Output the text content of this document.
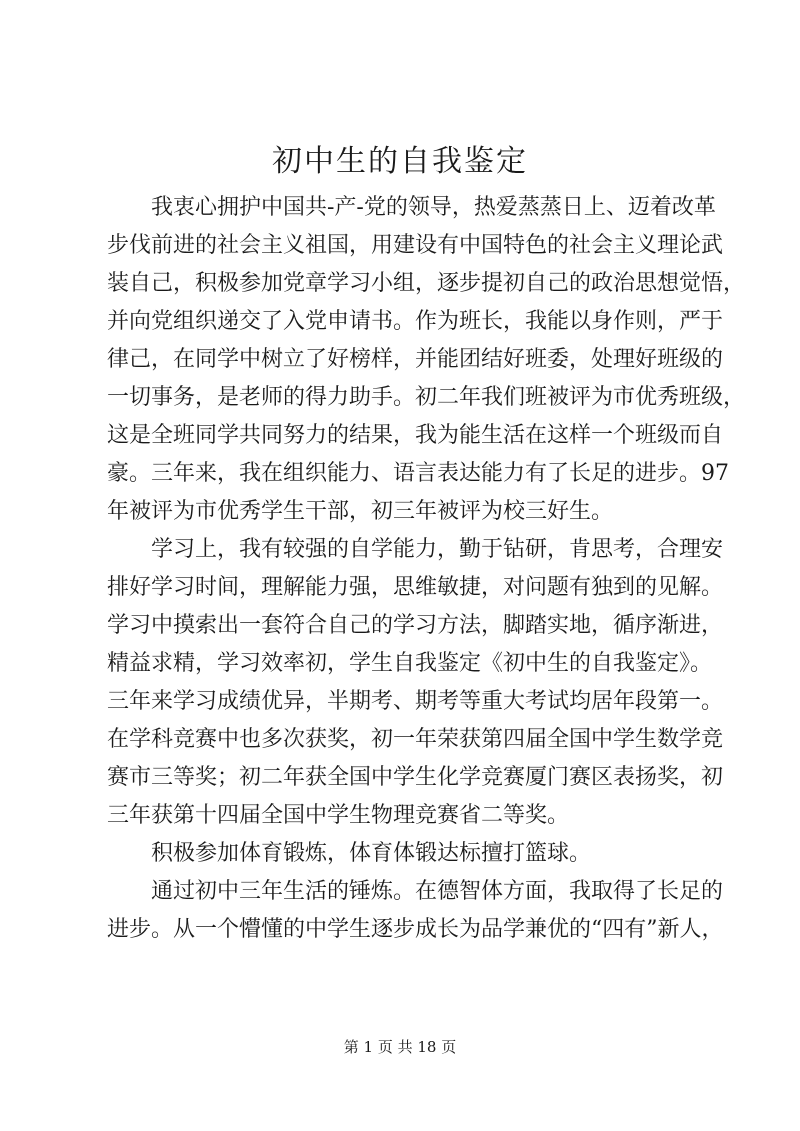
初中生的自我鉴定
我衷心拥护中国共-产-党的领导，热爱蒸蒸日上、迈着改革
步伐前进的社会主义祖国，用建设有中国特色的社会主义理论武
装自己，积极参加党章学习小组，逐步提初自己的政治思想觉悟，
并向党组织递交了入党申请书。作为班长，我能以身作则，严于
律己，在同学中树立了好榜样，并能团结好班委，处理好班级的
一切事务，是老师的得力助手。初二年我们班被评为市优秀班级，
这是全班同学共同努力的结果，我为能生活在这样一个班级而自
豪。三年来，我在组织能力、语言表达能力有了长足的进步。97
年被评为市优秀学生干部，初三年被评为校三好生。
学习上，我有较强的自学能力，勤于钻研，肯思考，合理安
排好学习时间，理解能力强，思维敏捷，对问题有独到的见解。
学习中摸索出一套符合自己的学习方法，脚踏实地，循序渐进，
精益求精，学习效率初，学生自我鉴定《初中生的自我鉴定》。
三年来学习成绩优异，半期考、期考等重大考试均居年段第一。
在学科竞赛中也多次获奖，初一年荣获第四届全国中学生数学竞
赛市三等奖；初二年获全国中学生化学竞赛厦门赛区表扬奖，初
三年获第十四届全国中学生物理竞赛省二等奖。
积极参加体育锻炼，体育体锻达标擅打篮球。
通过初中三年生活的锤炼。在德智体方面，我取得了长足的
进步。从一个懵懂的中学生逐步成长为品学兼优的“四有”新人，
第 1 页 共 18 页
